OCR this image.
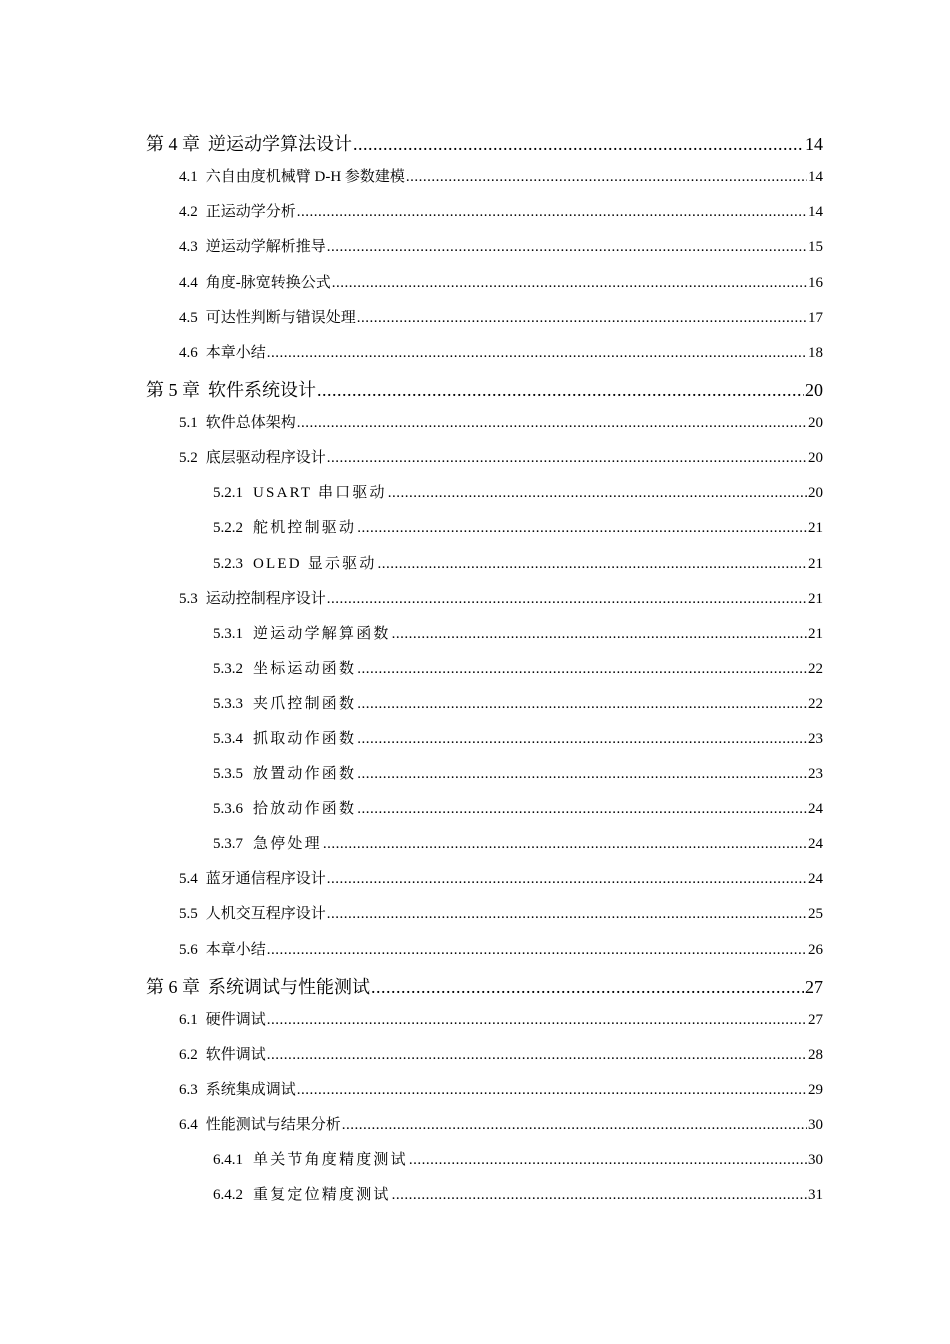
第 4 章 逆运动学算法设计 .....	14
4.1 六自由度机械臂 D-H 参数建模 .....	14
4.2 正运动学分析 .....	14
4.3 逆运动学解析推导 .....	15
4.4 角度-脉宽转换公式 .....	16
4.5 可达性判断与错误处理 .....	17
4.6 本章小结 .....	18
第 5 章 软件系统设计 .....	20
5.1 软件总体架构 .....	20
5.2 底层驱动程序设计 .....	20
5.2.1 USART 串口驱动 .....	20
5.2.2 舵机控制驱动 .....	21
5.2.3 OLED 显示驱动 .....	21
5.3 运动控制程序设计 .....	21
5.3.1 逆运动学解算函数 .....	21
5.3.2 坐标运动函数 .....	22
5.3.3 夹爪控制函数 .....	22
5.3.4 抓取动作函数 .....	23
5.3.5 放置动作函数 .....	23
5.3.6 拾放动作函数 .....	24
5.3.7 急停处理 .....	24
5.4 蓝牙通信程序设计 .....	24
5.5 人机交互程序设计 .....	25
5.6 本章小结 .....	26
第 6 章 系统调试与性能测试 .....	27
6.1 硬件调试 .....	27
6.2 软件调试 .....	28
6.3 系统集成调试 .....	29
6.4 性能测试与结果分析 .....	30
6.4.1 单关节角度精度测试 .....	30
6.4.2 重复定位精度测试 .....	31
